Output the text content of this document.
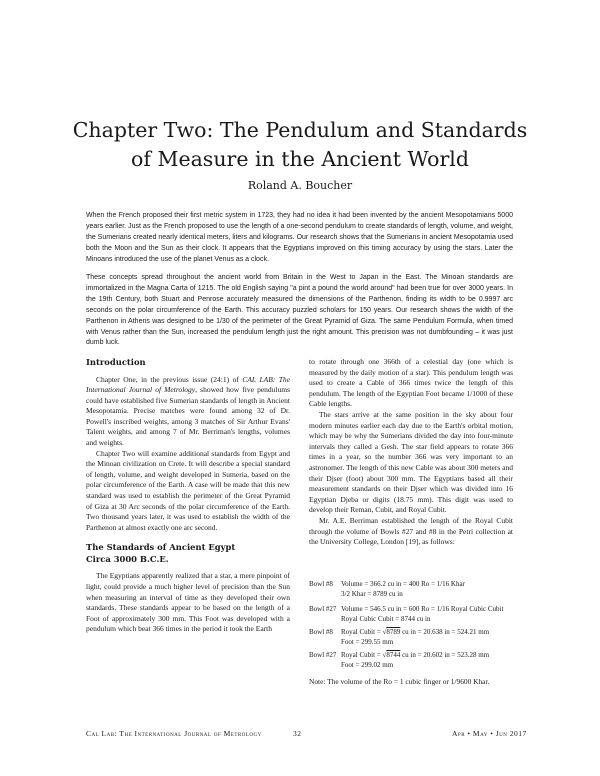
Chapter Two: The Pendulum and Standards
of Measure in the Ancient World
Roland A. Boucher

When the French proposed their first metric system in 1723, they had no idea it had been invented by the ancient Mesopotamians 5000 years earlier. Just as the French proposed to use the length of a one-second pendulum to create standards of length, volume, and weight, the Sumerians created nearly identical meters, liters and kilograms. Our research shows that the Sumerians in ancient Mesopotamia used both the Moon and the Sun as their clock. It appears that the Egyptians improved on this timing accuracy by using the stars. Later the Minoans introduced the use of the planet Venus as a clock.

These concepts spread throughout the ancient world from Britain in the West to Japan in the East. The Minoan standards are immortalized in the Magna Carta of 1215. The old English saying "a pint a pound the world around" had been true for over 3000 years. In the 19th Century, both Stuart and Penrose accurately measured the dimensions of the Parthenon, finding its width to be 0.9997 arc seconds on the polar circumference of the Earth. This accuracy puzzled scholars for 150 years. Our research shows the width of the Parthenon in Athens was designed to be 1/30 of the perimeter of the Great Pyramid of Giza. The same Pendulum Formula, when timed with Venus rather than the Sun, increased the pendulum length just the right amount. This precision was not dumbfounding – it was just dumb luck.

Introduction

Chapter One, in the previous issue (24:1) of CAL LAB: The International Journal of Metrology, showed how five pendulums could have established five Sumerian standards of length in Ancient Mesopotamia. Precise matches were found among 32 of Dr. Powell's inscribed weights, among 3 matches of Sir Arthur Evans' Talent weights, and among 7 of Mr. Berriman's lengths, volumes and weights.

Chapter Two will examine additional standards from Egypt and the Minoan civilization on Crete. It will describe a special standard of length, volume, and weight developed in Sumeria, based on the polar circumference of the Earth. A case will be made that this new standard was used to establish the perimeter of the Great Pyramid of Giza at 30 Arc seconds of the polar circumference of the Earth. Two thousand years later, it was used to establish the width of the Parthenon at almost exactly one arc second.

The Standards of Ancient Egypt
Circa 3000 B.C.E.

The Egyptians apparently realized that a star, a mere pinpoint of light, could provide a much higher level of precision than the Sun when measuring an interval of time as they developed their own standards. These standards appear to be based on the length of a Foot of approximately 300 mm. This Foot was developed with a pendulum which beat 366 times in the period it took the Earth

to rotate through one 366th of a celestial day (one which is measured by the daily motion of a star). This pendulum length was used to create a Cable of 366 times twice the length of this pendulum. The length of the Egyptian Foot became 1/1000 of these Cable lengths.

The stars arrive at the same position in the sky about four modern minutes earlier each day due to the Earth's orbital motion, which may be why the Sumerians divided the day into four-minute intervals they called a Gesh. The star field appears to rotate 366 times in a year, so the number 366 was very important to an astronomer. The length of this new Cable was about 300 meters and their Djser (foot) about 300 mm. The Egyptians based all their measurement standards on their Djser which was divided into 16 Egyptian Djeba or digits (18.75 mm). This digit was used to develop their Reman, Cubit, and Royal Cubit.

Mr. A.E. Berriman established the length of the Royal Cubit through the volume of Bowls #27 and #8 in the Petri collection at the University College, London [19], as follows:

Bowl #8 Volume = 366.2 cu in = 400 Ro = 1/16 Khar
3/2 Khar = 8789 cu in
Bowl #27 Volume = 546.5 cu in = 600 Ro = 1/16 Royal Cubic Cubit
Royal Cubic Cubit = 8744 cu in
Bowl #8 Royal Cubit = √8789 cu in = 20.638 in = 524.21 mm
Foot = 299.55 mm
Bowl #27 Royal Cubit = √8744 cu in = 20.602 in = 523.28 mm
Foot = 299.02 mm
Note: The volume of the Ro = 1 cubic finger or 1/9600 Khar.
Cal Lab: The International Journal of Metrology	32	Apr • May • Jun 2017
